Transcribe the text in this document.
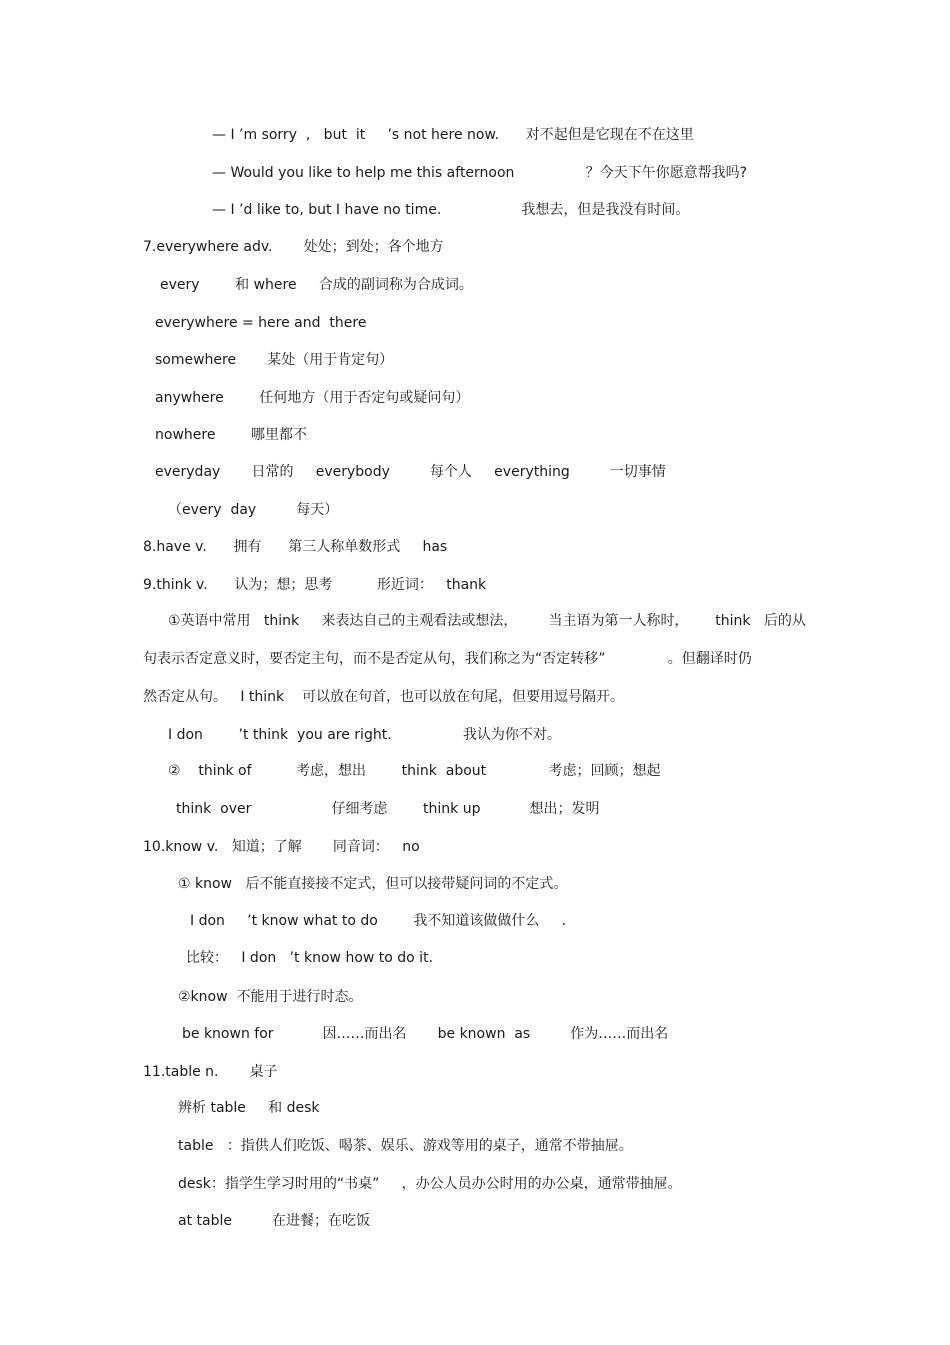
— I ’m sorry  ,   but  it     ’s not here now.      对不起但是它现在不在这里
— Would you like to help me this afternoon                ？今天下午你愿意帮我吗?
— I ’d like to, but I have no time.                  我想去，但是我没有时间。
7.everywhere adv.       处处；到处；各个地方
every        和 where     合成的副词称为合成词。
everywhere = here and  there
somewhere       某处（用于肯定句）
anywhere        任何地方（用于否定句或疑问句）
nowhere        哪里都不
everyday       日常的     everybody         每个人     everything         一切事情
（every  day         每天）
8.have v.      拥有      第三人称单数形式     has
9.think v.      认为；想；思考          形近词：   thank
①英语中常用   think     来表达自己的主观看法或想法，       当主语为第一人称时，      think   后的从
句表示否定意义时，要否定主句，而不是否定从句，我们称之为“否定转移”              。但翻译时仍
然否定从句。   I think    可以放在句首，也可以放在句尾，但要用逗号隔开。
I don        ’t think  you are right.                我认为你不对。
②    think of          考虑，想出        think  about              考虑；回顾；想起
think  over                  仔细考虑        think up           想出；发明
10.know v.   知道；了解       同音词：   no
① know   后不能直接接不定式，但可以接带疑问词的不定式。
I don     ’t know what to do        我不知道该做做什么     .
比较：   I don   ’t know how to do it.
②know  不能用于进行时态。
be known for           因……而出名       be known  as         作为……而出名
11.table n.       桌子
辨析 table     和 desk
table   ：指供人们吃饭、喝茶、娱乐、游戏等用的桌子，通常不带抽屉。
desk：指学生学习时用的“书桌”     ，办公人员办公时用的办公桌，通常带抽屉。
at table         在进餐；在吃饭
